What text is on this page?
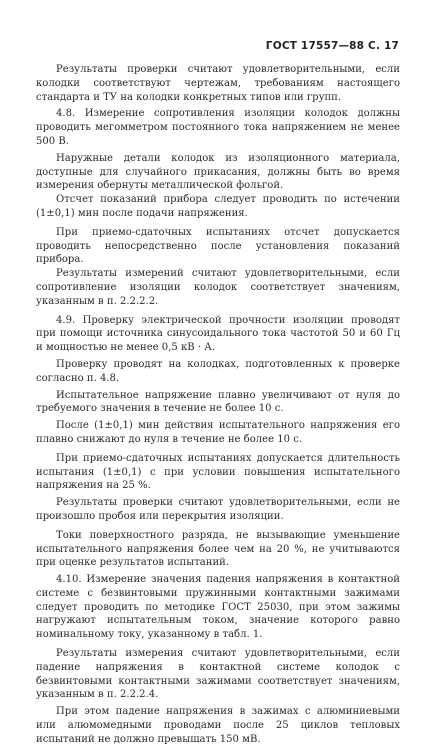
ГОСТ 17557—88 С. 17

Результаты проверки считают удовлетворительными, если колодки соответствуют чертежам, требованиям настоящего стандарта и ТУ на колодки конкретных типов или групп.

4.8. Измерение сопротивления изоляции колодок должны проводить мегомметром постоянного тока напряжением не менее 500 В.

Наружные детали колодок из изоляционного материала, доступные для случайного прикасания, должны быть во время измерения обернуты металлической фольгой.

Отсчет показаний прибора следует проводить по истечении (1±0,1) мин после подачи напряжения.

При приемо-сдаточных испытаниях отсчет допускается проводить непосредственно после установления показаний прибора.

Результаты измерений считают удовлетворительными, если сопротивление изоляции колодок соответствует значениям, указанным в п. 2.2.2.2.

4.9. Проверку электрической прочности изоляции проводят при помощи источника синусоидального тока частотой 50 и 60 Гц и мощностью не менее 0,5 кВ · А.

Проверку проводят на колодках, подготовленных к проверке согласно п. 4.8.

Испытательное напряжение плавно увеличивают от нуля до требуемого значения в течение не более 10 с.

После (1±0,1) мин действия испытательного напряжения его плавно снижают до нуля в течение не более 10 с.

При приемо-сдаточных испытаниях допускается длительность испытания (1±0,1) с при условии повышения испытательного напряжения на 25 %.

Результаты проверки считают удовлетворительными, если не произошло пробоя или перекрытия изоляции.

Токи поверхностного разряда, не вызывающие уменьшение испытательного напряжения более чем на 20 %, не учитываются при оценке результатов испытаний.

4.10. Измерение значения падения напряжения в контактной системе с безвинтовыми пружинными контактными зажимами следует проводить по методике ГОСТ 25030, при этом зажимы нагружают испытательным током, значение которого равно номинальному току, указанному в табл. 1.

Результаты измерения считают удовлетворительными, если падение напряжения в контактной системе колодок с безвинтовыми контактными зажимами соответствует значениям, указанным в п. 2.2.2.4.

При этом падение напряжения в зажимах с алюминиевыми или алюмомедными проводами после 25 циклов тепловых испытаний не должно превышать 150 мВ.
